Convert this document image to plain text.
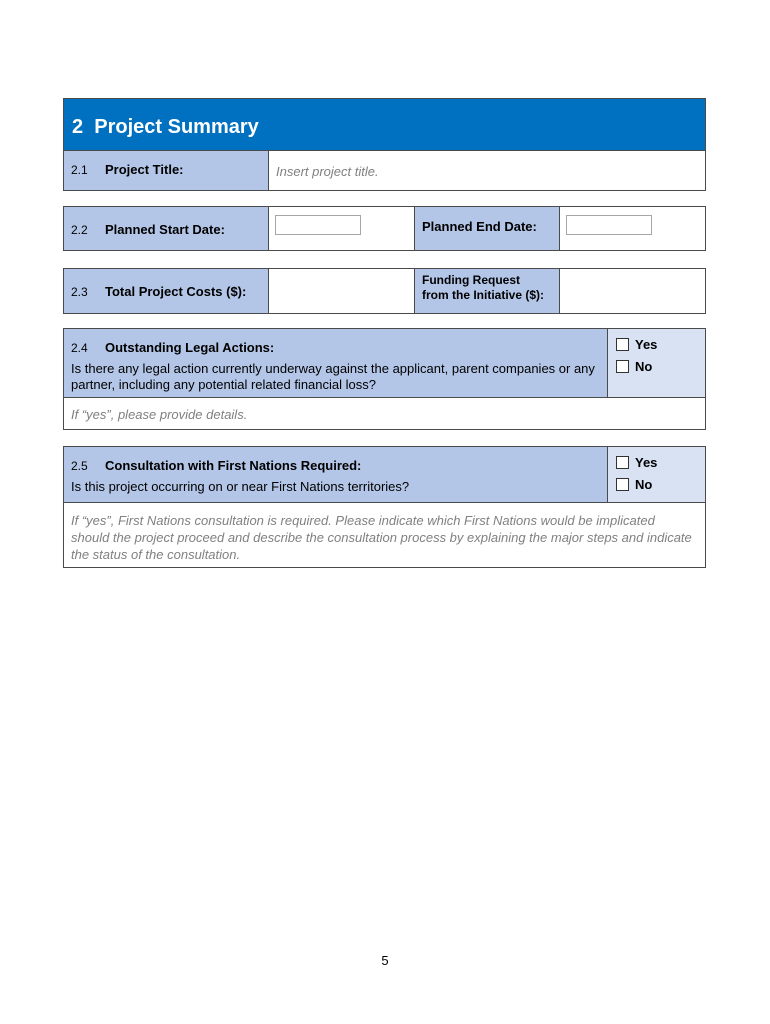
2 Project Summary
2.1 Project Title:	Insert project title.
2.2 Planned Start Date:	Planned End Date:
2.3 Total Project Costs ($):
Funding Request
from the Initiative ($):
2.4 Outstanding Legal Actions:
Is there any legal action currently underway against the applicant, parent companies or any partner, including any potential related financial loss?
Yes
No
If “yes”, please provide details.
2.5 Consultation with First Nations Required:
Is this project occurring on or near First Nations territories?
Yes
No
If “yes”, First Nations consultation is required. Please indicate which First Nations would be implicated should the project proceed and describe the consultation process by explaining the major steps and indicate the status of the consultation.
5
